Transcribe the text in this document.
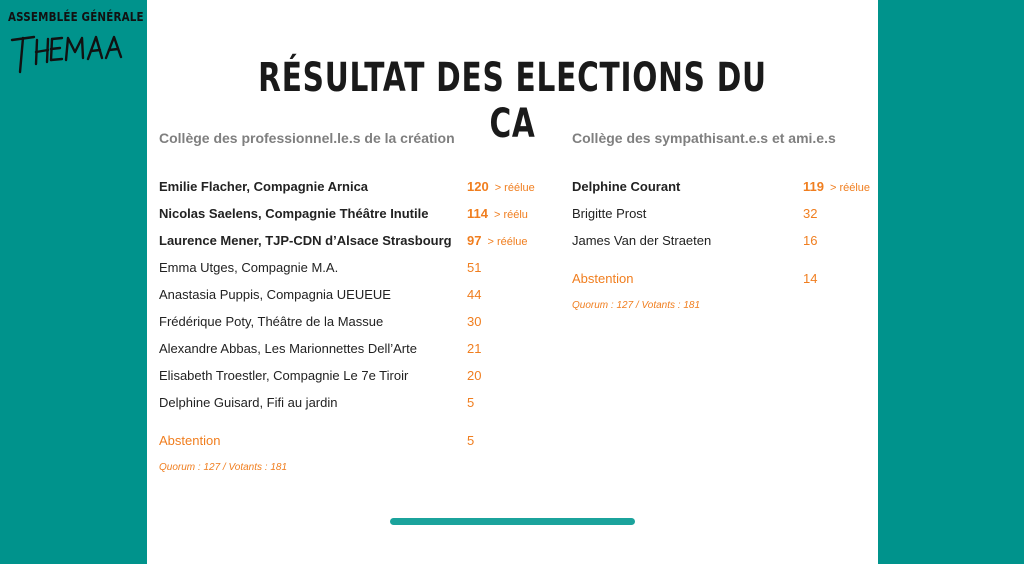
ASSEMBLÉE GÉNÉRALE
RÉSULTAT DES ELECTIONS DU CA
Collège des professionnel.le.s de la création
Emilie Flacher, Compagnie Arnica	120 > réélue
Nicolas Saelens, Compagnie Théâtre Inutile	114 > réélu
Laurence Mener, TJP-CDN d’Alsace Strasbourg 97 > réélue
Emma Utges, Compagnie M.A.	51
Anastasia Puppis, Compagnia UEUEUE	44
Frédérique Poty, Théâtre de la Massue	30
Alexandre Abbas, Les Marionnettes Dell’Arte	21
Elisabeth Troestler, Compagnie Le 7e Tiroir	20
Delphine Guisard, Fifi au jardin	5
Abstention	5
Quorum : 127 / Votants : 181
Collège des sympathisant.e.s et ami.e.s
Delphine Courant	119 > réélue
Brigitte Prost	32
James Van der Straeten	16
Abstention	14
Quorum : 127 / Votants : 181
